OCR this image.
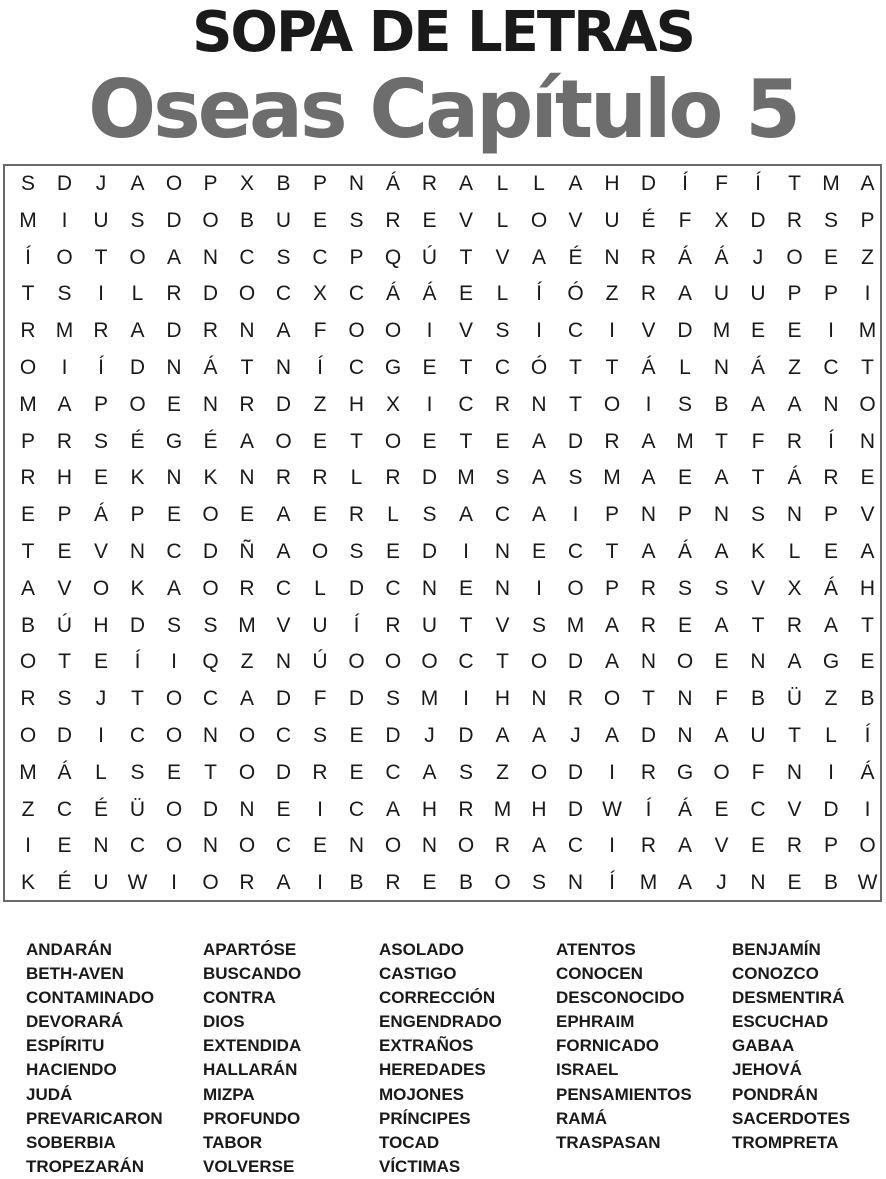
SOPA DE LETRAS
Oseas Capítulo 5
S	D	J	A	O	P	X	B	P	N	Á	R	A	L	L	A	H	D	Í	F	Í	T	M A
M	I	U	S	D O	B	U	E	S	R	E	V	L	O	V	U	É	F	X	D	R	S	P
Í	O	T	O	A	N	C	S	C	P	Q Ú	T	V	A	É	N	R	Á	Á	J	O	E	Z
T	S	I	L	R	D O C	X	C	Á	Á	E	L	Í	Ó	Z	R	A	U	U	P	P	I
R M R	A	D	R	N	A	F	O O	I	V	S	I	C	I	V	D M E	E	I	M
O	I	Í	D	N	Á	T	N	Í	C G	E	T	C Ó	T	T	Á	L	N	Á	Z	C	T
M A	P	O	E	N	R	D	Z	H	X	I	C	R	N	T	O	I	S	B	A	A	N O
P	R	S	É	G	É	A	O	E	T	O	E	T	E	A	D	R	A M	T	F	R	Í	N
R	H	E	K	N	K	N	R	R	L	R	D M S	A	S M A	E	A	T	Á	R	E
E	P	Á	P	E	O	E	A	E	R	L	S	A	C	A	I	P	N	P	N	S	N	P	V
T	E	V	N	C	D	Ñ	A	O	S	E	D	I	N	E	C	T	A	Á	A	K	L	E	A
A	V	O	K	A	O R	C	L	D	C	N	E	N	I	O	P	R	S	S	V	X	Á	H
B	Ú	H	D	S	S M V	U	Í	R	U	T	V	S M A	R	E	A	T	R	A	T
O	T	E	Í	I	Q	Z	N	Ú O O O C	T	O D	A	N O	E	N	A	G	E
R	S	J	T	O C	A	D	F	D	S M	I	H	N	R O	T	N	F	B	Ü	Z	B
O D	I	C O N O C	S	E	D	J	D	A	A	J	A	D	N	A	U	T	L	Í
M Á	L	S	E	T	O D	R	E	C	A	S	Z	O D	I	R G O	F	N	I	Á
Z	C	É	Ü O D	N	E	I	C	A	H	R M H	D W	Í	Á	E	C	V	D	I
I	E	N	C O N O C	E	N O N O R	A	C	I	R	A	V	E	R	P	O
K	É	U W	I	O R	A	I	B	R	E	B	O	S	N	Í	M A	J	N	E	B W
ANDARÁN
BETH-AVEN
CONTAMINADO
DEVORARÁ
ESPÍRITU
HACIENDO
JUDÁ
PREVARICARON
SOBERBIA
TROPEZARÁN
APARTÓSE
BUSCANDO
CONTRA
DIOS
EXTENDIDA
HALLARÁN
MIZPA
PROFUNDO
TABOR
VOLVERSE
ASOLADO
CASTIGO
CORRECCIÓN
ENGENDRADO
EXTRAÑOS
HEREDADES
MOJONES
PRÍNCIPES
TOCAD
VÍCTIMAS
ATENTOS
CONOCEN
DESCONOCIDO
EPHRAIM
FORNICADO
ISRAEL
PENSAMIENTOS
RAMÁ
TRASPASAN
BENJAMÍN
CONOZCO
DESMENTIRÁ
ESCUCHAD
GABAA
JEHOVÁ
PONDRÁN
SACERDOTES
TROMPRETA
